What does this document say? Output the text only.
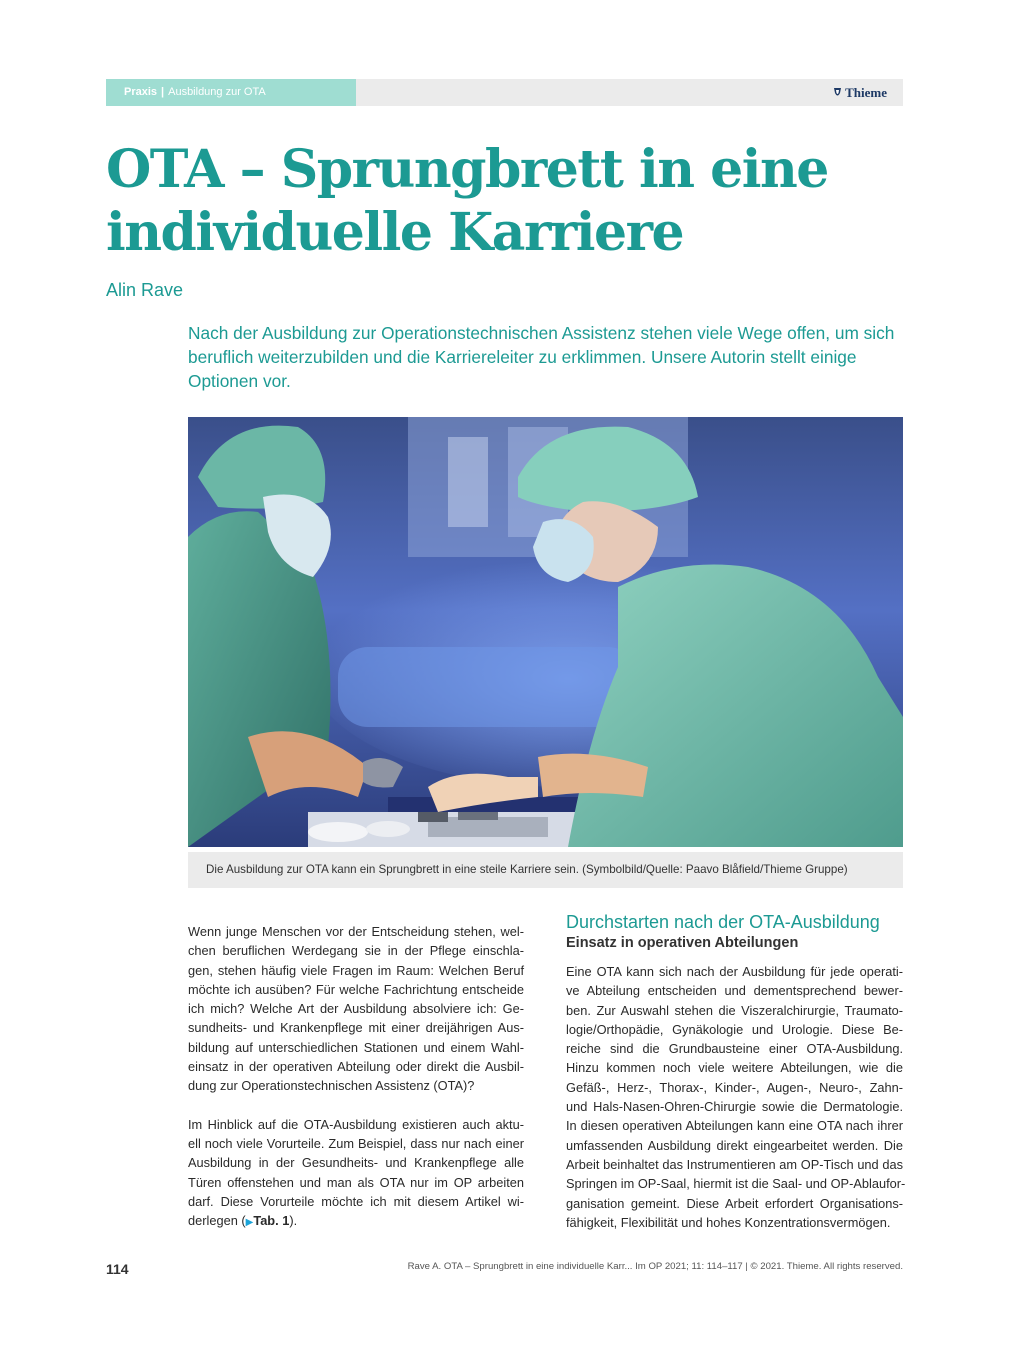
Praxis | Ausbildung zur OTA	Thieme
OTA – Sprungbrett in eine
individuelle Karriere
Alin Rave
Nach der Ausbildung zur Operationstechnischen Assistenz stehen viele Wege offen, um sich
beruflich weiterzubilden und die Karriereleiter zu erklimmen. Unsere Autorin stellt einige
Optionen vor.
Die Ausbildung zur OTA kann ein Sprungbrett in eine steile Karriere sein. (Symbolbild/Quelle: Paavo Blåfield/Thieme Gruppe)
Wenn junge Menschen vor der Entscheidung stehen, wel-
chen beruflichen Werdegang sie in der Pflege einschla-
gen, stehen häufig viele Fragen im Raum: Welchen Beruf
möchte ich ausüben? Für welche Fachrichtung entscheide
ich mich? Welche Art der Ausbildung absolviere ich: Ge-
sundheits- und Krankenpflege mit einer dreijährigen Aus-
bildung auf unterschiedlichen Stationen und einem Wahl-
einsatz in der operativen Abteilung oder direkt die Ausbil-
dung zur Operationstechnischen Assistenz (OTA)?
Im Hinblick auf die OTA-Ausbildung existieren auch aktu-
ell noch viele Vorurteile. Zum Beispiel, dass nur nach einer
Ausbildung in der Gesundheits- und Krankenpflege alle
Türen offenstehen und man als OTA nur im OP arbeiten
darf. Diese Vorurteile möchte ich mit diesem Artikel wi-
derlegen (▶Tab. 1).
Durchstarten nach der OTA-Ausbildung
Einsatz in operativen Abteilungen
Eine OTA kann sich nach der Ausbildung für jede operati-
ve Abteilung entscheiden und dementsprechend bewer-
ben. Zur Auswahl stehen die Viszeralchirurgie, Traumato-
logie/Orthopädie, Gynäkologie und Urologie. Diese Be-
reiche sind die Grundbausteine einer OTA-Ausbildung.
Hinzu kommen noch viele weitere Abteilungen, wie die
Gefäß-, Herz-, Thorax-, Kinder-, Augen-, Neuro-, Zahn-
und Hals-Nasen-Ohren-Chirurgie sowie die Dermatologie.
In diesen operativen Abteilungen kann eine OTA nach ihrer
umfassenden Ausbildung direkt eingearbeitet werden. Die
Arbeit beinhaltet das Instrumentieren am OP-Tisch und das
Springen im OP-Saal, hiermit ist die Saal- und OP-Ablaufor-
ganisation gemeint. Diese Arbeit erfordert Organisations-
fähigkeit, Flexibilität und hohes Konzentrationsvermögen.
114	Rave A. OTA – Sprungbrett in eine individuelle Karr... Im OP 2021; 11: 114–117 | © 2021. Thieme. All rights reserved.
